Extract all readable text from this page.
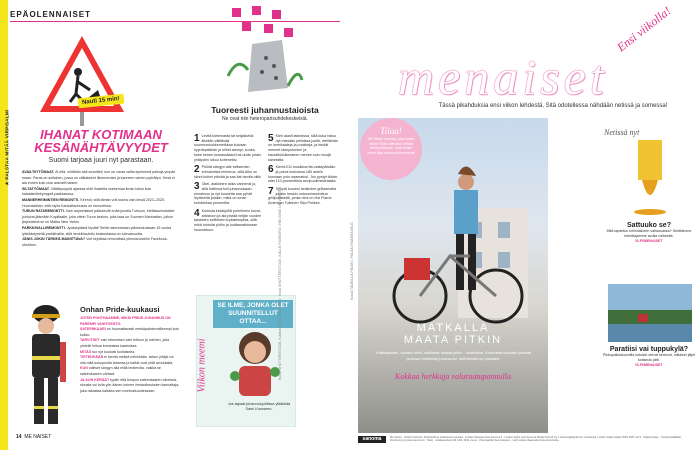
★ PALSTAA MITÄÄ VIRPISALMI
EPÄOLENNAISET
Nauti 15 min!
IHANAT KOTIMAAN
KESÄNÄHTÄVYYDET
Suomi tarjoaa juuri nyt parastaan.

AVAILTIIYTÖMAAT. Ai että, miltähän sitä suositteli, kun on varaa valita kymmenä paikoja ympäri maan. Paras on sellainen, jossa on välkakkeet liikenneväet ja kanneen varten pyöräilyn. Kesä ei ala ennen kuin uusi aravalti haisee.

SILTATYÖMAAT. Viittäkymppiä ajaessa ehtii ihastella maisemaa ilman toisin kuin satalakmilekymppiä paahtaessa.

MANNERHEIMINTIEN REMONTTI. Kirehdi, sillä tämän voit kokea vain kesiä 2023–2025. Huomaathan, että myös Kansallisohusas on remontissa.

TURUN RATAREMONTTI. Vain tarpeeliaiset päässevät enää junalla Turkuun, etelässuimalaiset joutuvat jäämään Kupittaalle, joka ottein Turun keskus, joka taas on Suomen Manhattan, jolloin järjestelmä se on Mattia New Yorkin.

PARKKIHALLIREMONTTI. Jyväskylästä löydät! Siellä rakennetaan ydinkeskustaan 15 vuotta lykkääntyneitä parkkihallia, sillä henkilöautoilu keskustassa on tulevaisuutta.

JÄNIS JOKIN TÄRKEÄ MAINITTAVA? Voit kirjoittaa remonttista pienoisnovellin Facebook-sivuillani.

Onhan Pride-kuukausi

JOTEN POHTHAAMME, MIKSI PRIDE-JUHANNUS ON PAREMPI VAIHTOEHTO.

SATEENKAARI on huomattavasti metsäpalotervallisempi kuin kokko.

TARVITSET vain tekemisen vain lettuun ja miehen, joka yhdelle leikua komeassa kaarinissa.

MITÄS tuo nyt kuulosti tuollaiselta.

TIETENKÄÄN ei tarvita meistä mihinkään, sekun pitäjä voi olla mitä sukupuolta tahansa ja kaikki ovat yhtä arvokkaita.

KUN valitset sängyn alla millä lenkerolla, vaikka se sateenkaaren värissä.

JA KUN KERÄÄT tyyliin että kimpun sateenkaaren väreissä, sinusta voi tulla yön äänen lorinen ihmisoikeuksien kannattaja, joka rakastaa kaikkea sen moninaisuudessaan.

14 ME NAISET
Tuoreesti juhannustaioista
Ne ovat niin heteroparisuhdekeskeisiä.
1 Levitä kielemasta tai seljakkeliä: itkeään väittävää suonmonkokkemetkkaa kuivaan kyynärpäähän ja niihet aiempi, kunka tulee kenen kumassitasoi hal ulzän jotain yritäyden lukuu koheneksi.
2 Pölötä sängyn alle seitsemän erimaimista lenkeroa, sillä Alko on kiinni koiimi päivää ja saa tiat tarvita niitä.
3 Okei, aiakkinen taika vanhensi jo, sillä hattinua tulii juhannusiaan ennakoon ja nyt kuuselta saa pyhät löytäneitä jotakin, mikä on lonan kohdekkaa prosenttia.
4 Kurkista keskiyöllä puhelimen kuvar-arkistoon ja ala pistää neljän vuoden takaisten selfieiden tuplatekopbia, sillä mikä tuhtulta pöitin ja tuuttamattomaan huomaituun.
5 Kieri alasti lakeaissa, sillä kuka haluu nyt missään pelisissa joutiti, etelläinän on kemikaaleja ja punkkeja, ja heidät meneet lakeputoriien ja kauraltuiluikeaseen menee suin moujä kanetatta.
6 Kierrä EU-musikkorrita vastapäivään ja poiva korkoissa 180 astein kunnaan pois naamatusi. Joo pystyt tähän, sitet 110-prosenttisia avoipuolimetariaalia.
7 Syöytä kuoresi lankkolen grillaamalla jotakin keskin outuusimanimitua grillipuristettä, jonka nimi on Hot Flame American Tuleinen Slipi Pukkes.
SE ILME, JONKA OLET SUUNNITELLUT OTTAA...
Viikon meemi
Jos tapaat juhannusjuhlissa ylitäkkää Sami Kuroseen.
Kuvat SHUTTERSTOCK, Kuvitus PIRJO PALMOEN · Kuva SHUTTERSTOCK, KALLE PAXBORG / HELSINKI UNIVERSITY
menaiset
Ensi viikolla!
Tässä pikahduksia ensi viikon lehdestä. Sitä odotellessa nähdään netissä ja somessa!
Tilaa!
Me Naiset ilmestyy joka ikinen viikko! Tilaa kätevästi netistä tietosuitiiiniaan, saat lisäksi lehen tilaa.sanoma.fi/menaiset
MATKALLA
MAATA PITKIN
Yhtäsaamme, kuoleä vielä, vaikkaan maata pitkin - matkailun. Kokeneet konkarit jakavat parhaat vinkkinsä juneravusi, että kivistä on paraista.
Kokkaa herkkuja valuraatupannulla
Kuvat TÄDEILLÄ PELKKI, PALÄAI PAÄÄRÄSELÖ
Netissä nyt
Sattuuko se?
Mitä tapahtuu intiimialueen vahausassa? Selvitämme toimittajamme avulla vaiheelta.
IS.FI/MENAISET
Paratiisi vai tuppukylä?
Pikkupaikkakunnilla kotoisin olevat kertovat, millaiset jäljet kotiseutu jätti.
IS.FI/MENAISET
sanoma	Me Naiset · Virkkon Helsinki. Kirkistöistä ja pistämiseen kaukaa · Lehden tilaukset www.sanoma.fi · Lehden tiedot ovat Sanoma Media Finland Oy:n tietosuojakäytännön mukaisesti. Lehtien kaikki sisältö ISSN 0357-1173 · Päätoimittaja · Tuotantopäällikkö · Ilmoitusmyynti www.sanoma.fi · Taitto · Asiakaspalvelu 09 1201 4343 ma-pe · Painopaikka Sanomapaino · Lehti vastuu tilaamattomista aineistoista.
